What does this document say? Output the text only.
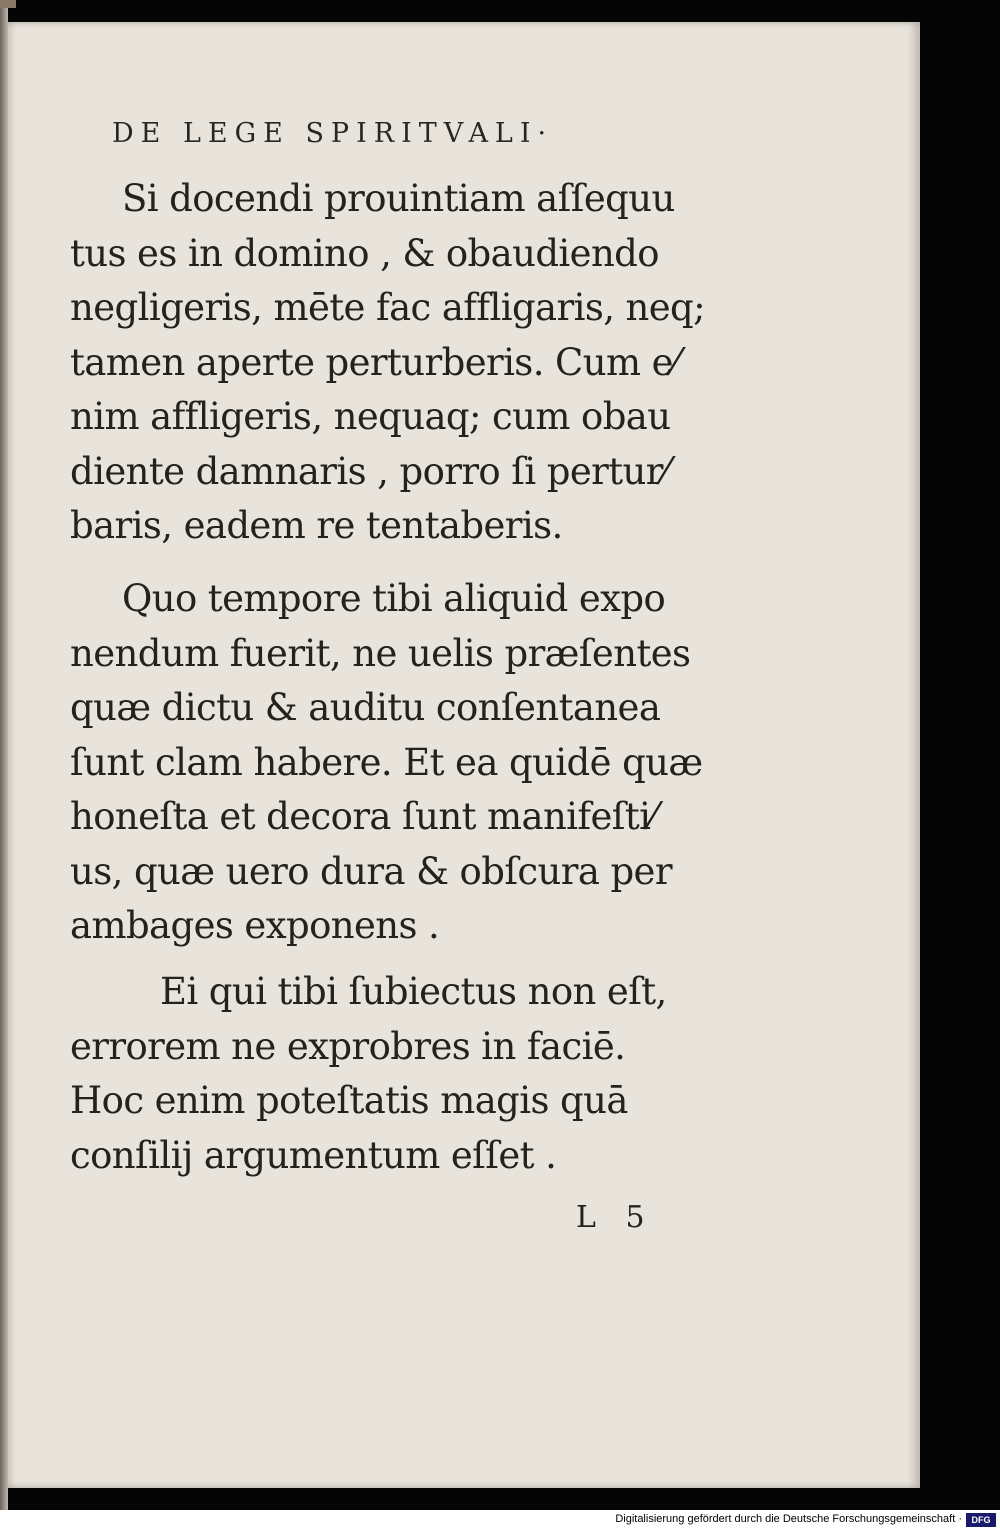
DE LEGE SPIRITVALI·
Si docendi prouintiam aſſequu
tus es in domino , & obaudiendo
negligeris, mēte fac affligaris, neq;
tamen aperte perturberis. Cum e⁄
nim affligeris, nequaq; cum obau
diente damnaris , porro ſi pertur⁄
baris, eadem re tentaberis.
Quo tempore tibi aliquid expo
nendum fuerit, ne uelis præſentes
quæ dictu & auditu conſentanea
ſunt clam habere. Et ea quidē quæ
honeſta et decora ſunt manifeſti⁄
us, quæ uero dura & obſcura per
ambages exponens .
Ei qui tibi ſubiectus non eſt,
errorem ne exprobres in faciē.
Hoc enim poteſtatis magis quā
conſilij argumentum eſſet .
L 5
Digitalisierung gefördert durch die Deutsche Forschungsgemeinschaft ·	DFG
